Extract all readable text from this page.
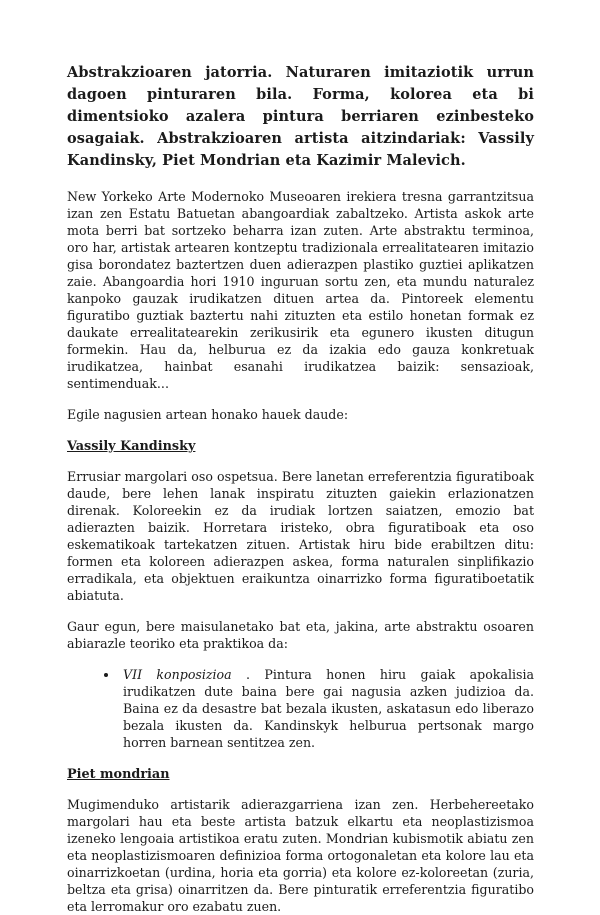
Abstrakzioaren jatorria. Naturaren imitaziotik urrun dagoen pinturaren bila. Forma, kolorea eta bi dimentsioko azalera pintura berriaren ezinbesteko osagaiak. Abstrakzioaren artista aitzindariak: Vassily Kandinsky, Piet Mondrian eta Kazimir Malevich.

New Yorkeko Arte Modernoko Museoaren irekiera tresna garrantzitsua izan zen Estatu Batuetan abangoardiak zabaltzeko. Artista askok arte mota berri bat sortzeko beharra izan zuten. Arte abstraktu terminoa, oro har, artistak artearen kontzeptu tradizionala errealitatearen imitazio gisa borondatez baztertzen duen adierazpen plastiko guztiei aplikatzen zaie. Abangoardia hori 1910 inguruan sortu zen, eta mundu naturalez kanpoko gauzak irudikatzen dituen artea da. Pintoreek elementu figuratibo guztiak baztertu nahi zituzten eta estilo honetan formak ez daukate errealitatearekin zerikusirik eta egunero ikusten ditugun formekin. Hau da, helburua ez da izakia edo gauza konkretuak irudikatzea, hainbat esanahi irudikatzea baizik: sensazioak, sentimenduak...

Egile nagusien artean honako hauek daude:

Vassily Kandinsky

Errusiar margolari oso ospetsua. Bere lanetan erreferentzia figuratiboak daude, bere lehen lanak inspiratu zituzten gaiekin erlazionatzen direnak. Koloreekin ez da irudiak lortzen saiatzen, emozio bat adierazten baizik. Horretara iristeko, obra figuratiboak eta oso eskematikoak tartekatzen zituen. Artistak hiru bide erabiltzen ditu: formen eta koloreen adierazpen askea, forma naturalen sinplifikazio erradikala, eta objektuen eraikuntza oinarrizko forma figuratiboetatik abiatuta.

Gaur egun, bere maisulanetako bat eta, jakina, arte abstraktu osoaren abiarazle teoriko eta praktikoa da:

• VII konposizioa . Pintura honen hiru gaiak apokalisia irudikatzen dute baina bere gai nagusia azken judizioa da. Baina ez da desastre bat bezala ikusten, askatasun edo liberazo bezala ikusten da. Kandinskyk helburua pertsonak margo horren barnean sentitzea zen.
Piet mondrian

Mugimenduko artistarik adierazgarriena izan zen. Herbehereetako margolari hau eta beste artista batzuk elkartu eta neoplastizismoa izeneko lengoaia artistikoa eratu zuten. Mondrian kubismotik abiatu zen eta neoplastizismoaren definizioa forma ortogonaletan eta kolore lau eta oinarrizkoetan (urdina, horia eta gorria) eta kolore ez-koloreetan (zuria, beltza eta grisa) oinarritzen da. Bere pinturatik erreferentzia figuratibo eta lerromakur oro ezabatu zuen.
